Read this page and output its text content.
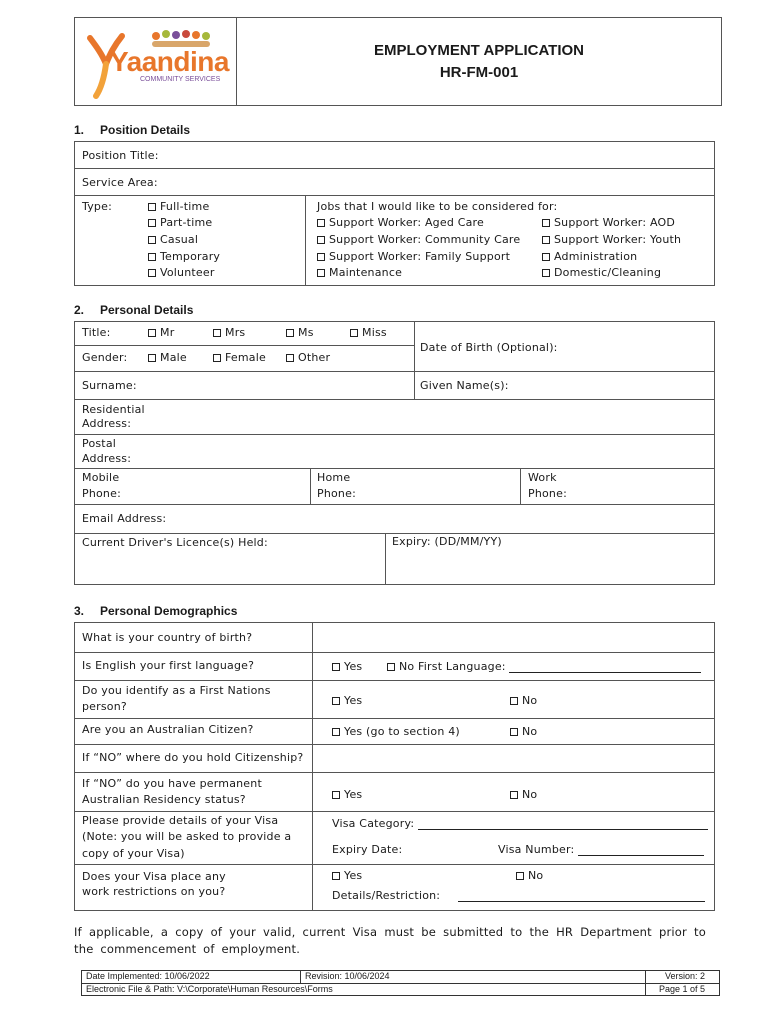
Yaandina
COMMUNITY SERVICES
EMPLOYMENT APPLICATION
HR-FM-001
1. Position Details
Position Title:
Service Area:
Type:	Full-time
Part-time
Casual
Temporary
Volunteer
Jobs that I would like to be considered for:
Support Worker: Aged Care
Support Worker: Community Care
Support Worker: Family Support
Maintenance
Support Worker: AOD
Support Worker: Youth
Administration
Domestic/Cleaning
2. Personal Details
Title:	Mr	Mrs	Ms	Miss
Gender:	Male	Female	Other
Date of Birth (Optional):
Surname:	Given Name(s):
Residential
Address:
Postal
Address:
Mobile
Phone:
Home
Phone:
Work
Phone:
Email Address:
Current Driver's Licence(s) Held:	Expiry: (DD/MM/YY)
3. Personal Demographics
What is your country of birth?
Is English your first language?	Yes	No First Language:
Do you identify as a First Nations
person?	Yes	No
Are you an Australian Citizen?	Yes (go to section 4)	No
If “NO” where do you hold Citizenship?
If “NO” do you have permanent
Australian Residency status?	Yes	No
Please provide details of your Visa
(Note: you will be asked to provide a
copy of your Visa)
Visa Category:
Expiry Date:	Visa Number:
Does your Visa place any
work restrictions on you?
Yes	No
Details/Restriction:
If applicable, a copy of your valid, current Visa must be submitted to the HR Department prior to the commencement of employment.
Date Implemented: 10/06/2022	Revision: 10/06/2024	Version: 2
Electronic File & Path: V:\Corporate\Human Resources\Forms	Page 1 of 5
